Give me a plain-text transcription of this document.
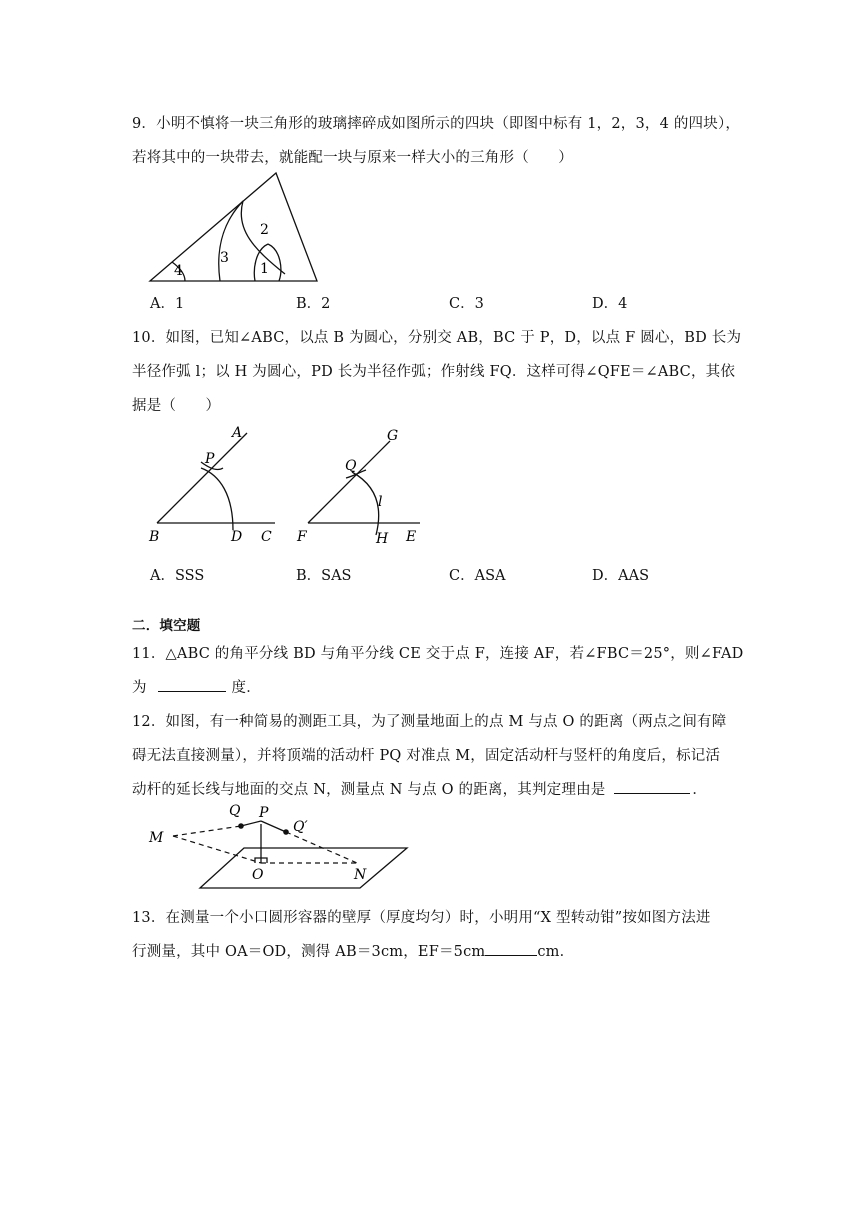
9．小明不慎将一块三角形的玻璃摔碎成如图所示的四块（即图中标有 1，2，3，4 的四块），
若将其中的一块带去，就能配一块与原来一样大小的三角形（　　）
4
3
2
1
A．1	B．2	C．3	D．4
10．如图，已知∠ABC，以点 B 为圆心，分别交 AB，BC 于 P，D，以点 F 圆心，BD 长为
半径作弧 l；以 H 为圆心，PD 长为半径作弧；作射线 FQ．这样可得∠QFE＝∠ABC，其依
据是（　　）
A
P
B	D C
G
Q
l
F	H E
A．SSS	B．SAS	C．ASA	D．AAS
二．填空题
11．△ABC 的角平分线 BD 与角平分线 CE 交于点 F，连接 AF，若∠FBC＝25°，则∠FAD
为	度．
12．如图，有一种简易的测距工具，为了测量地面上的点 M 与点 O 的距离（两点之间有障
碍无法直接测量），并将顶端的活动杆 PQ 对准点 M，固定活动杆与竖杆的角度后，标记活
动杆的延长线与地面的交点 N，测量点 N 与点 O 的距离，其判定理由是	．
Q P
Q′
M
O	N
13．在测量一个小口圆形容器的壁厚（厚度均匀）时，小明用“X 型转动钳”按如图方法进
行测量，其中 OA＝OD，测得 AB＝3cm，EF＝5cm	cm．
